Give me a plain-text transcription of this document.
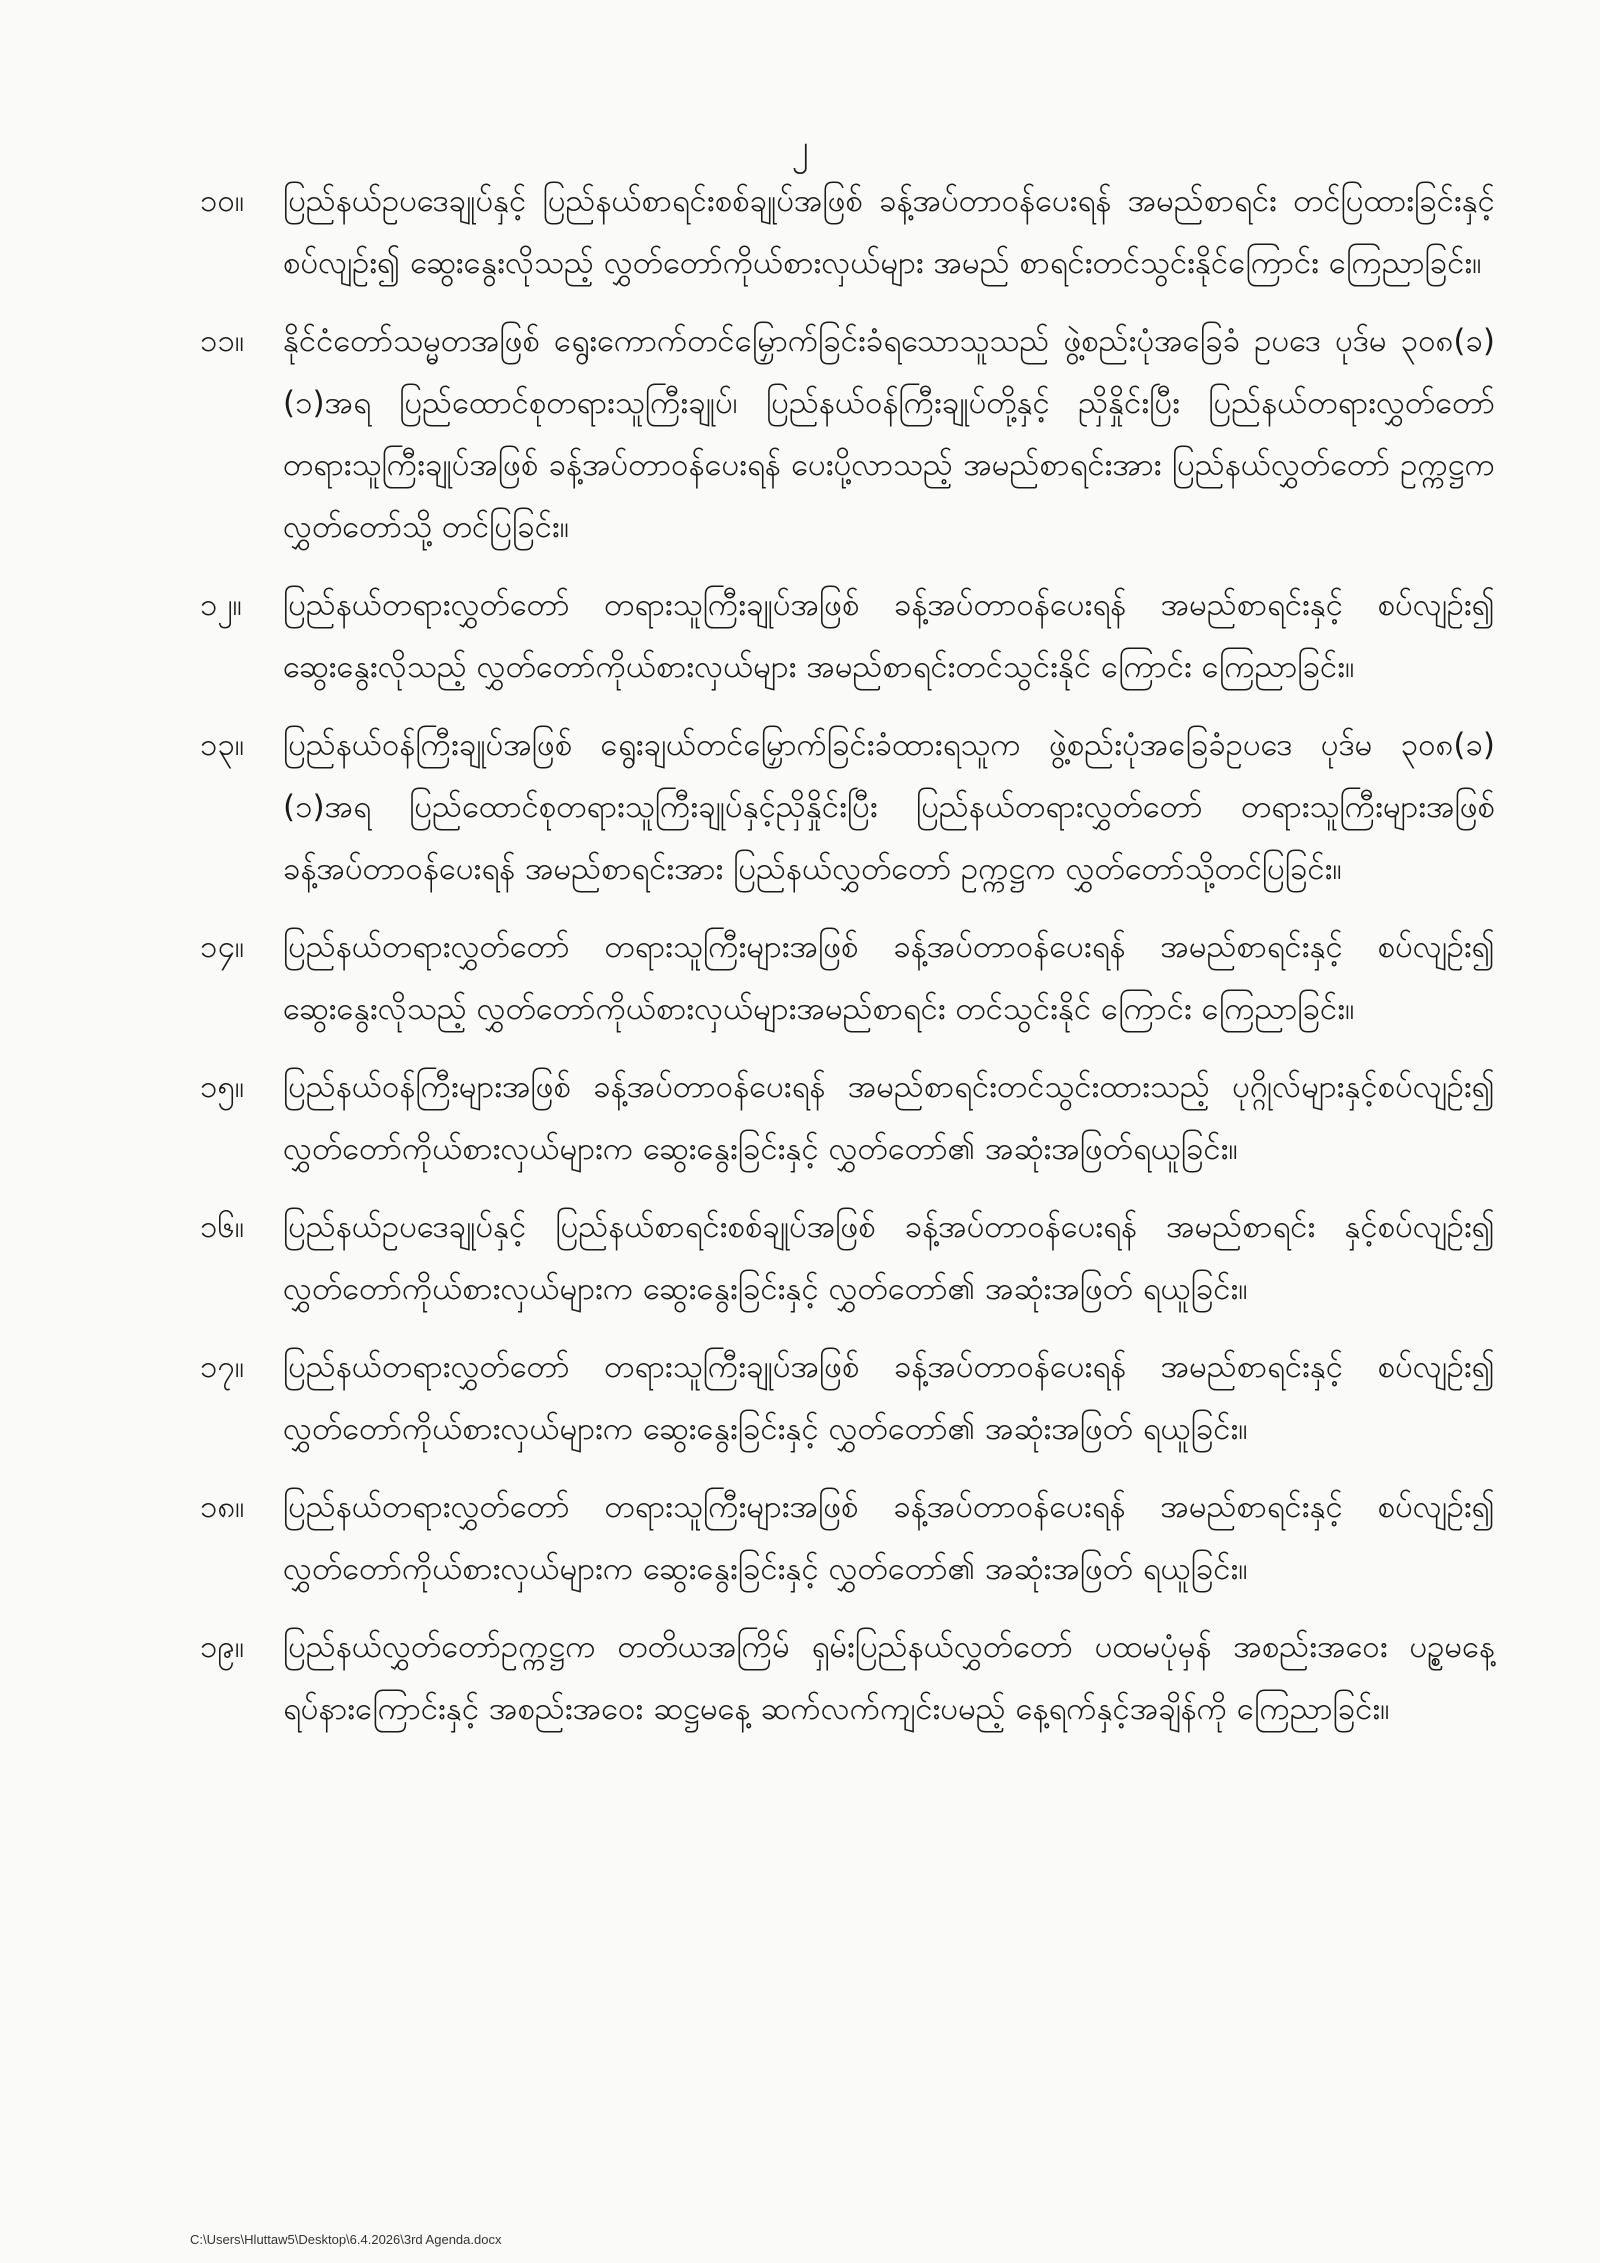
၂
၁၀။	ပြည်နယ်ဥပဒေချုပ်နှင့် ပြည်နယ်စာရင်းစစ်ချုပ်အဖြစ် ခန့်အပ်တာဝန်ပေးရန် အမည်စာရင်း တင်ပြထားခြင်းနှင့်စပ်လျဉ်း၍ ဆွေးနွေးလိုသည့် လွှတ်တော်ကိုယ်စားလှယ်များ အမည် စာရင်းတင်သွင်းနိုင်ကြောင်း ကြေညာခြင်း။
၁၁။	နိုင်ငံတော်သမ္မတအဖြစ် ရွေးကောက်တင်မြှောက်ခြင်းခံရသောသူသည် ဖွဲ့စည်းပုံအခြေခံ ဥပဒေ ပုဒ်မ ၃၀၈(ခ)(၁)အရ ပြည်ထောင်စုတရားသူကြီးချုပ်၊ ပြည်နယ်ဝန်ကြီးချုပ်တို့နှင့် ညှိနှိုင်းပြီး ပြည်နယ်တရားလွှတ်တော် တရားသူကြီးချုပ်အဖြစ် ခန့်အပ်တာဝန်ပေးရန် ပေးပို့လာသည့် အမည်စာရင်းအား ပြည်နယ်လွှတ်တော် ဥက္ကဋ္ဌက လွှတ်တော်သို့ တင်ပြခြင်း။
၁၂။	ပြည်နယ်တရားလွှတ်တော် တရားသူကြီးချုပ်အဖြစ် ခန့်အပ်တာဝန်ပေးရန် အမည်စာရင်းနှင့် စပ်လျဉ်း၍ ဆွေးနွေးလိုသည့် လွှတ်တော်ကိုယ်စားလှယ်များ အမည်စာရင်းတင်သွင်းနိုင် ကြောင်း ကြေညာခြင်း။
၁၃။	ပြည်နယ်ဝန်ကြီးချုပ်အဖြစ် ရွေးချယ်တင်မြှောက်ခြင်းခံထားရသူက ဖွဲ့စည်းပုံအခြေခံဥပဒေ ပုဒ်မ ၃၀၈(ခ)(၁)အရ ပြည်ထောင်စုတရားသူကြီးချုပ်နှင့်ညှိနှိုင်းပြီး ပြည်နယ်တရားလွှတ်တော် တရားသူကြီးများအဖြစ် ခန့်အပ်တာဝန်ပေးရန် အမည်စာရင်းအား ပြည်နယ်လွှတ်တော် ဥက္ကဋ္ဌက လွှတ်တော်သို့တင်ပြခြင်း။
၁၄။	ပြည်နယ်တရားလွှတ်တော် တရားသူကြီးများအဖြစ် ခန့်အပ်တာဝန်ပေးရန် အမည်စာရင်းနှင့် စပ်လျဉ်း၍ ဆွေးနွေးလိုသည့် လွှတ်တော်ကိုယ်စားလှယ်များအမည်စာရင်း တင်သွင်းနိုင် ကြောင်း ကြေညာခြင်း။
၁၅။	ပြည်နယ်ဝန်ကြီးများအဖြစ် ခန့်အပ်တာဝန်ပေးရန် အမည်စာရင်းတင်သွင်းထားသည့် ပုဂ္ဂိုလ်များနှင့်စပ်လျဉ်း၍ လွှတ်တော်ကိုယ်စားလှယ်များက ဆွေးနွေးခြင်းနှင့် လွှတ်တော်၏ အဆုံးအဖြတ်ရယူခြင်း။
၁၆။	ပြည်နယ်ဥပဒေချုပ်နှင့် ပြည်နယ်စာရင်းစစ်ချုပ်အဖြစ် ခန့်အပ်တာဝန်ပေးရန် အမည်စာရင်း နှင့်စပ်လျဉ်း၍ လွှတ်တော်ကိုယ်စားလှယ်များက ဆွေးနွေးခြင်းနှင့် လွှတ်တော်၏ အဆုံးအဖြတ် ရယူခြင်း။
၁၇။	ပြည်နယ်တရားလွှတ်တော် တရားသူကြီးချုပ်အဖြစ် ခန့်အပ်တာဝန်ပေးရန် အမည်စာရင်းနှင့် စပ်လျဉ်း၍ လွှတ်တော်ကိုယ်စားလှယ်များက ဆွေးနွေးခြင်းနှင့် လွှတ်တော်၏ အဆုံးအဖြတ် ရယူခြင်း။
၁၈။	ပြည်နယ်တရားလွှတ်တော် တရားသူကြီးများအဖြစ် ခန့်အပ်တာဝန်ပေးရန် အမည်စာရင်းနှင့် စပ်လျဉ်း၍ လွှတ်တော်ကိုယ်စားလှယ်များက ဆွေးနွေးခြင်းနှင့် လွှတ်တော်၏ အဆုံးအဖြတ် ရယူခြင်း။
၁၉။	ပြည်နယ်လွှတ်တော်ဥက္ကဋ္ဌက တတိယအကြိမ် ရှမ်းပြည်နယ်လွှတ်တော် ပထမပုံမှန် အစည်းအဝေး ပဉ္စမနေ့ ရပ်နားကြောင်းနှင့် အစည်းအဝေး ဆဋ္ဌမနေ့ ဆက်လက်ကျင်းပမည့် နေ့ရက်နှင့်အချိန်ကို ကြေညာခြင်း။
C:\Users\Hluttaw5\Desktop\6.4.2026\3rd Agenda.docx
